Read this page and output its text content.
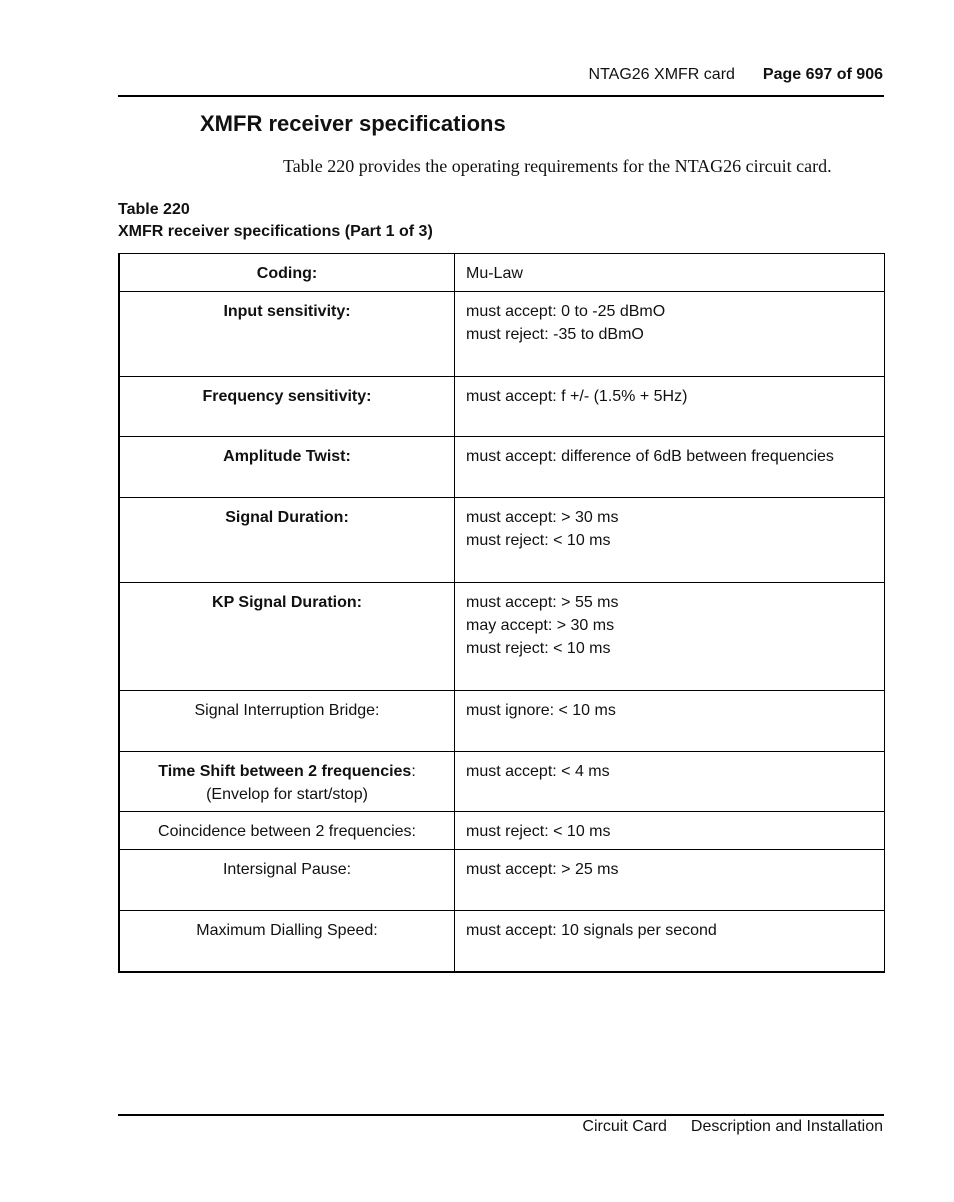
NTAG26 XMFR card Page 697 of 906
XMFR receiver specifications
Table 220 provides the operating requirements for the NTAG26 circuit card.
Table 220
XMFR receiver specifications (Part 1 of 3)
Coding:	Mu-Law

Input sensitivity:	must accept: 0 to -25 dBmO
must reject: -35 to dBmO

Frequency sensitivity:	must accept: f +/- (1.5% + 5Hz)

Amplitude Twist:	must accept: difference of 6dB between frequencies

Signal Duration:	must accept: > 30 ms
must reject: < 10 ms

KP Signal Duration:	must accept: > 55 ms
may accept: > 30 ms
must reject: < 10 ms

Signal Interruption Bridge:	must ignore: < 10 ms

Time Shift between 2 frequencies:
(Envelop for start/stop)	must accept: < 4 ms

Coincidence between 2 frequencies:	must reject: < 10 ms

Intersignal Pause:	must accept: > 25 ms

Maximum Dialling Speed:	must accept: 10 signals per second
Circuit Card Description and Installation
